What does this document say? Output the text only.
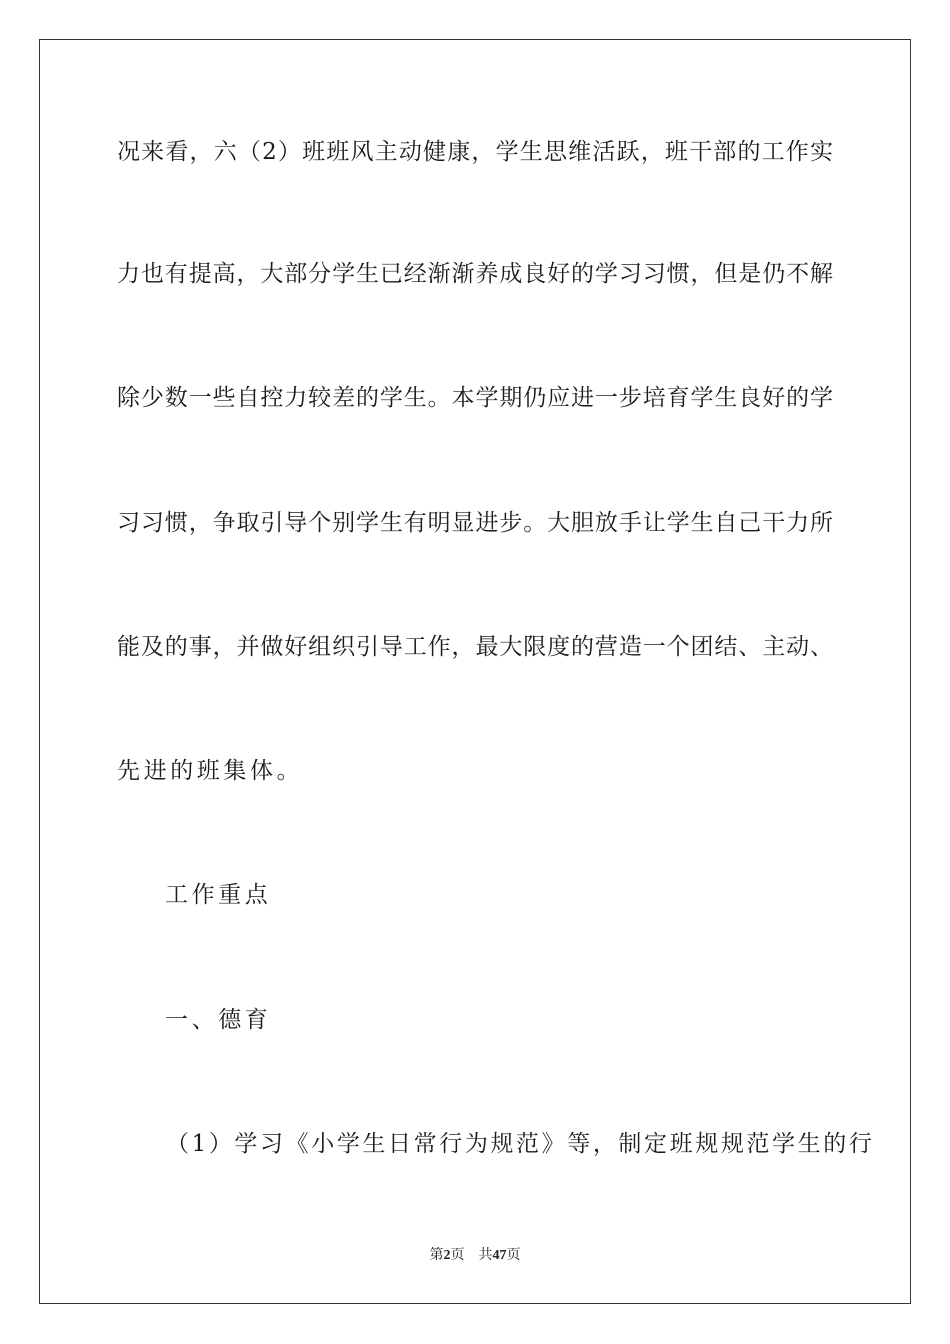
况来看，六（2）班班风主动健康，学生思维活跃，班干部的工作实
力也有提高，大部分学生已经渐渐养成良好的学习习惯，但是仍不解
除少数一些自控力较差的学生。本学期仍应进一步培育学生良好的学
习习惯，争取引导个别学生有明显进步。大胆放手让学生自己干力所
能及的事，并做好组织引导工作，最大限度的营造一个团结、主动、
先进的班集体。
工作重点
一、德育
（1）学习《小学生日常行为规范》等，制定班规规范学生的行
第2页 共47页
